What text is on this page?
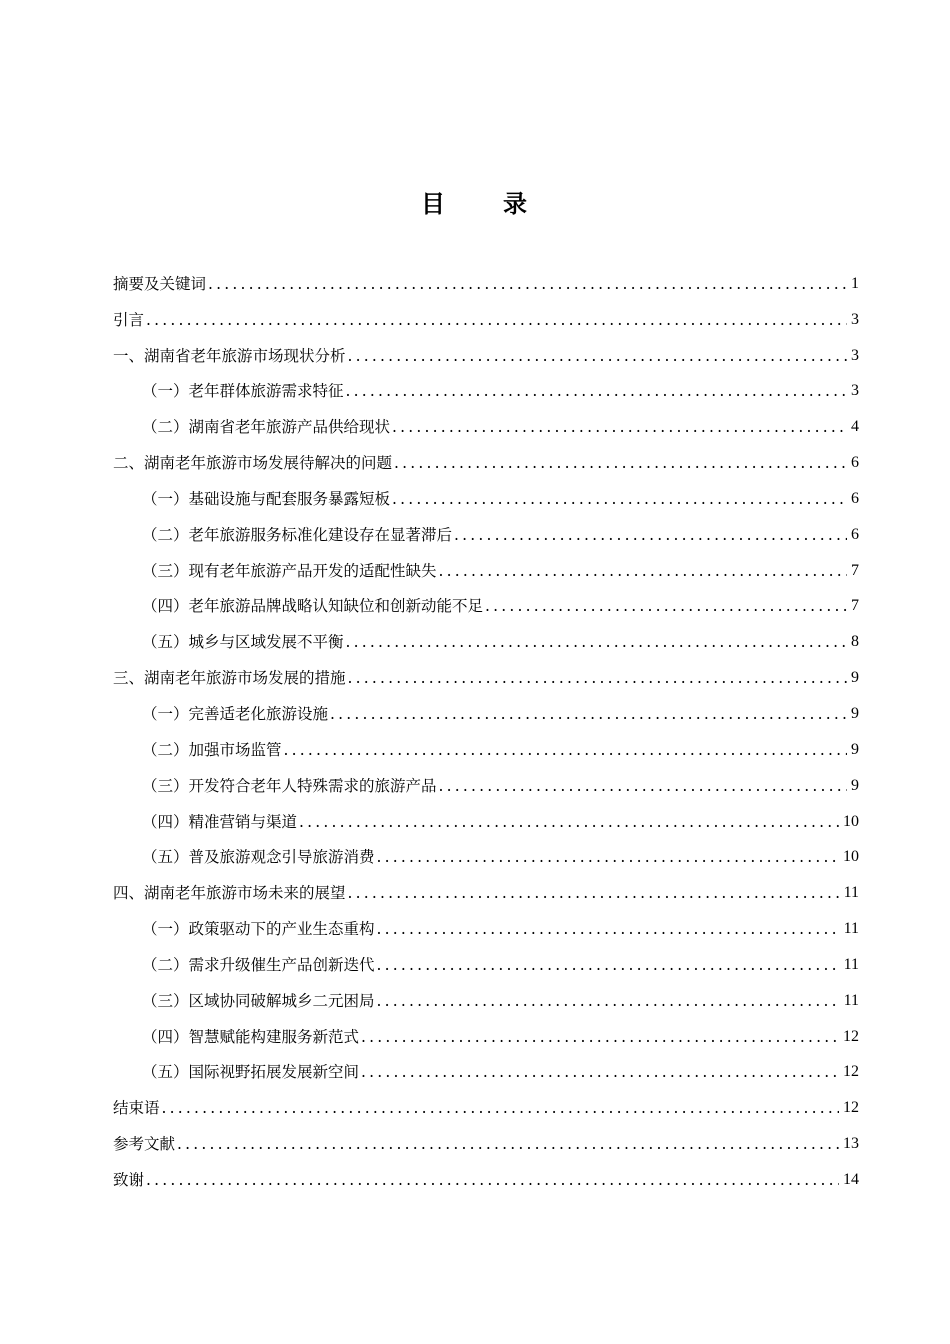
目 录
摘要及关键词 .....	1
引言 .....	3
一、湖南省老年旅游市场现状分析 .....	3
（一）老年群体旅游需求特征 .....	3
（二）湖南省老年旅游产品供给现状 .....	4
二、湖南老年旅游市场发展待解决的问题 .....	6
（一）基础设施与配套服务暴露短板 .....	6
（二）老年旅游服务标准化建设存在显著滞后 .....	6
（三）现有老年旅游产品开发的适配性缺失 .....	7
（四）老年旅游品牌战略认知缺位和创新动能不足 .....	7
（五）城乡与区域发展不平衡 .....	8
三、湖南老年旅游市场发展的措施 .....	9
（一）完善适老化旅游设施 .....	9
（二）加强市场监管 .....	9
（三）开发符合老年人特殊需求的旅游产品 .....	9
（四）精准营销与渠道 .....	10
（五）普及旅游观念引导旅游消费 .....	10
四、湖南老年旅游市场未来的展望 .....	11
（一）政策驱动下的产业生态重构 .....	11
（二）需求升级催生产品创新迭代 .....	11
（三）区域协同破解城乡二元困局 .....	11
（四）智慧赋能构建服务新范式 .....	12
（五）国际视野拓展发展新空间 .....	12
结束语 .....	12
参考文献 .....	13
致谢 .....	14
